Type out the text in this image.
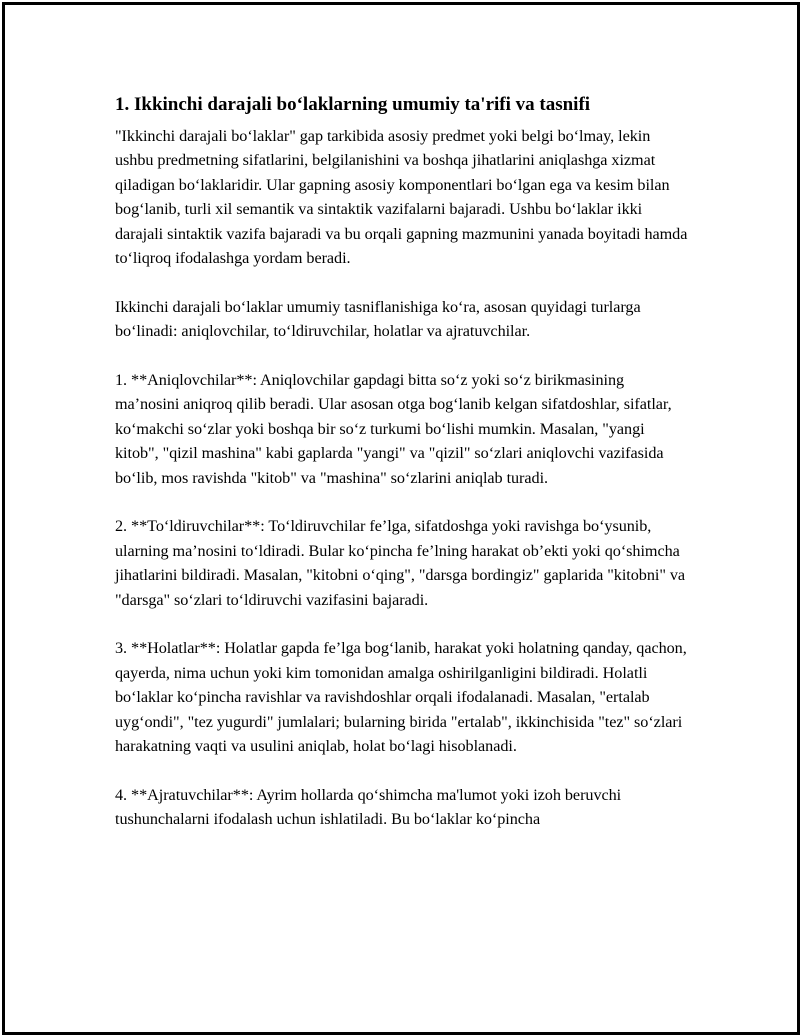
1. Ikkinchi darajali bo‘laklarning umumiy ta'rifi va tasnifi

"Ikkinchi darajali bo‘laklar" gap tarkibida asosiy predmet yoki belgi bo‘lmay, lekin ushbu predmetning sifatlarini, belgilanishini va boshqa jihatlarini aniqlashga xizmat qiladigan bo‘laklaridir. Ular gapning asosiy komponentlari bo‘lgan ega va kesim bilan bog‘lanib, turli xil semantik va sintaktik vazifalarni bajaradi. Ushbu bo‘laklar ikki darajali sintaktik vazifa bajaradi va bu orqali gapning mazmunini yanada boyitadi hamda to‘liqroq ifodalashga yordam beradi.

Ikkinchi darajali bo‘laklar umumiy tasniflanishiga ko‘ra, asosan quyidagi turlarga bo‘linadi: aniqlovchilar, to‘ldiruvchilar, holatlar va ajratuvchilar.

1. **Aniqlovchilar**: Aniqlovchilar gapdagi bitta so‘z yoki so‘z birikmasining ma’nosini aniqroq qilib beradi. Ular asosan otga bog‘lanib kelgan sifatdoshlar, sifatlar, ko‘makchi so‘zlar yoki boshqa bir so‘z turkumi bo‘lishi mumkin. Masalan, "yangi kitob", "qizil mashina" kabi gaplarda "yangi" va "qizil" so‘zlari aniqlovchi vazifasida bo‘lib, mos ravishda "kitob" va "mashina" so‘zlarini aniqlab turadi.

2. **To‘ldiruvchilar**: To‘ldiruvchilar fe’lga, sifatdoshga yoki ravishga bo‘ysunib, ularning ma’nosini to‘ldiradi. Bular ko‘pincha fe’lning harakat ob’ekti yoki qo‘shimcha jihatlarini bildiradi. Masalan, "kitobni o‘qing", "darsga bordingiz" gaplarida "kitobni" va "darsga" so‘zlari to‘ldiruvchi vazifasini bajaradi.

3. **Holatlar**: Holatlar gapda fe’lga bog‘lanib, harakat yoki holatning qanday, qachon, qayerda, nima uchun yoki kim tomonidan amalga oshirilganligini bildiradi. Holatli bo‘laklar ko‘pincha ravishlar va ravishdoshlar orqali ifodalanadi. Masalan, "ertalab uyg‘ondi", "tez yugurdi" jumlalari; bularning birida "ertalab", ikkinchisida "tez" so‘zlari harakatning vaqti va usulini aniqlab, holat bo‘lagi hisoblanadi.

4. **Ajratuvchilar**: Ayrim hollarda qo‘shimcha ma'lumot yoki izoh beruvchi tushunchalarni ifodalash uchun ishlatiladi. Bu bo‘laklar ko‘pincha
